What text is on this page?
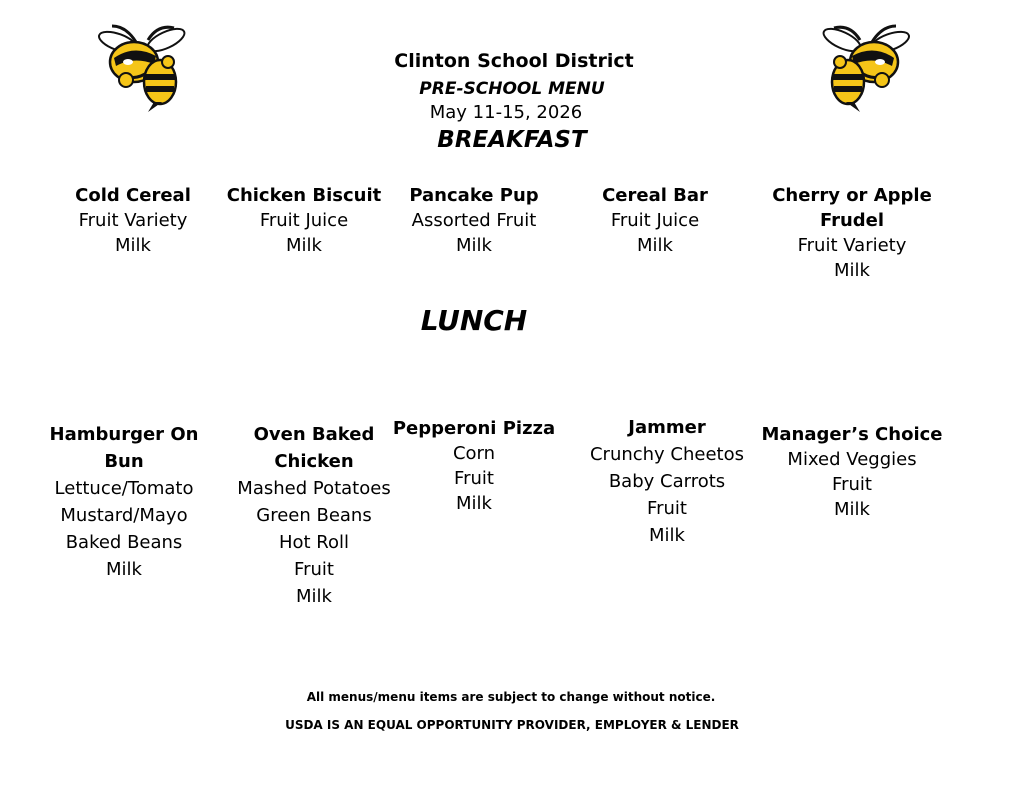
Clinton School District
PRE-SCHOOL MENU
May 11-15, 2026
BREAKFAST
Cold Cereal
Fruit Variety
Milk
Chicken Biscuit
Fruit Juice
Milk
Pancake Pup
Assorted Fruit
Milk
Cereal Bar
Fruit Juice
Milk
Cherry or Apple
Frudel
Fruit Variety
Milk
LUNCH
Hamburger On Bun
Lettuce/Tomato
Mustard/Mayo
Baked Beans
Milk
Oven Baked
Chicken
Mashed Potatoes
Green Beans
Hot Roll
Fruit
Milk
Pepperoni Pizza
Corn
Fruit
Milk
Jammer
Crunchy Cheetos
Baby Carrots
Fruit
Milk
Manager’s Choice
Mixed Veggies
Fruit
Milk
All menus/menu items are subject to change without notice.
USDA IS AN EQUAL OPPORTUNITY PROVIDER, EMPLOYER & LENDER
